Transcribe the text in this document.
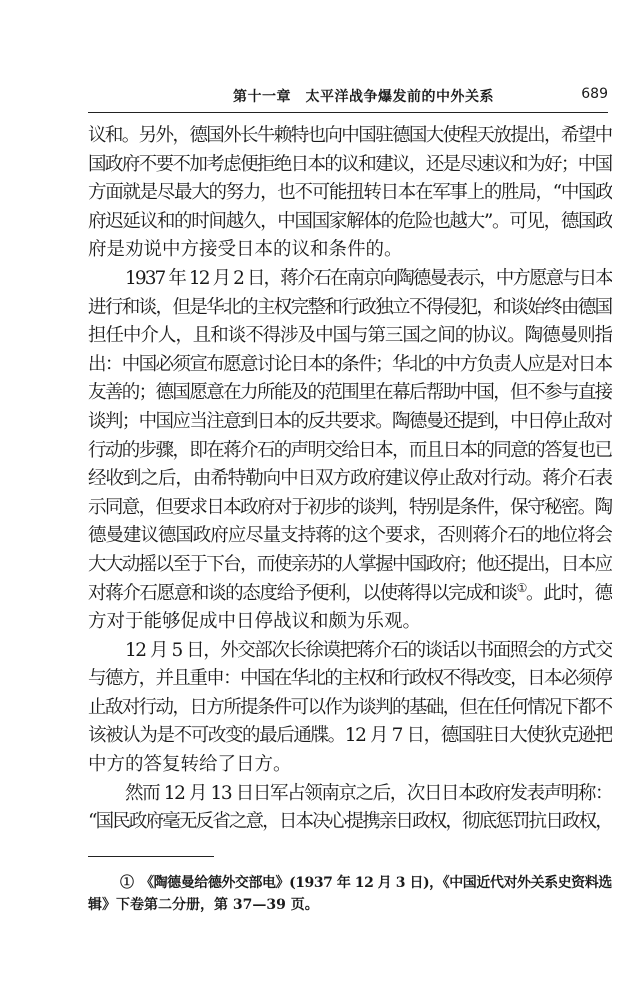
第十一章　太平洋战争爆发前的中外关系	689

议和。另外，德国外长牛赖特也向中国驻德国大使程天放提出，希望中
国政府不要不加考虑便拒绝日本的议和建议，还是尽速议和为好；中国
方面就是尽最大的努力，也不可能扭转日本在军事上的胜局，“中国政
府迟延议和的时间越久，中国国家解体的危险也越大”。可见，德国政
府是劝说中方接受日本的议和条件的。

1937 年 12 月 2 日，蒋介石在南京向陶德曼表示，中方愿意与日本
进行和谈，但是华北的主权完整和行政独立不得侵犯，和谈始终由德国
担任中介人，且和谈不得涉及中国与第三国之间的协议。陶德曼则指
出：中国必须宣布愿意讨论日本的条件；华北的中方负责人应是对日本
友善的；德国愿意在力所能及的范围里在幕后帮助中国，但不参与直接
谈判；中国应当注意到日本的反共要求。陶德曼还提到，中日停止敌对
行动的步骤，即在蒋介石的声明交给日本，而且日本的同意的答复也已
经收到之后，由希特勒向中日双方政府建议停止敌对行动。蒋介石表
示同意，但要求日本政府对于初步的谈判，特别是条件，保守秘密。陶
德曼建议德国政府应尽量支持蒋的这个要求，否则蒋介石的地位将会
大大动摇以至于下台，而使亲苏的人掌握中国政府；他还提出，日本应
对蒋介石愿意和谈的态度给予便利，以使蒋得以完成和谈①。此时，德
方对于能够促成中日停战议和颇为乐观。

12 月 5 日，外交部次长徐谟把蒋介石的谈话以书面照会的方式交
与德方，并且重申：中国在华北的主权和行政权不得改变，日本必须停
止敌对行动，日方所提条件可以作为谈判的基础，但在任何情况下都不
该被认为是不可改变的最后通牒。12 月 7 日，德国驻日大使狄克逊把
中方的答复转给了日方。

然而 12 月 13 日日军占领南京之后，次日日本政府发表声明称：
“国民政府毫无反省之意，日本决心提携亲日政权，彻底惩罚抗日政权，

①　《陶德曼给德外交部电》(1937 年 12 月 3 日)，《中国近代对外关系史资料选
辑》下卷第二分册，第 37—39 页。
